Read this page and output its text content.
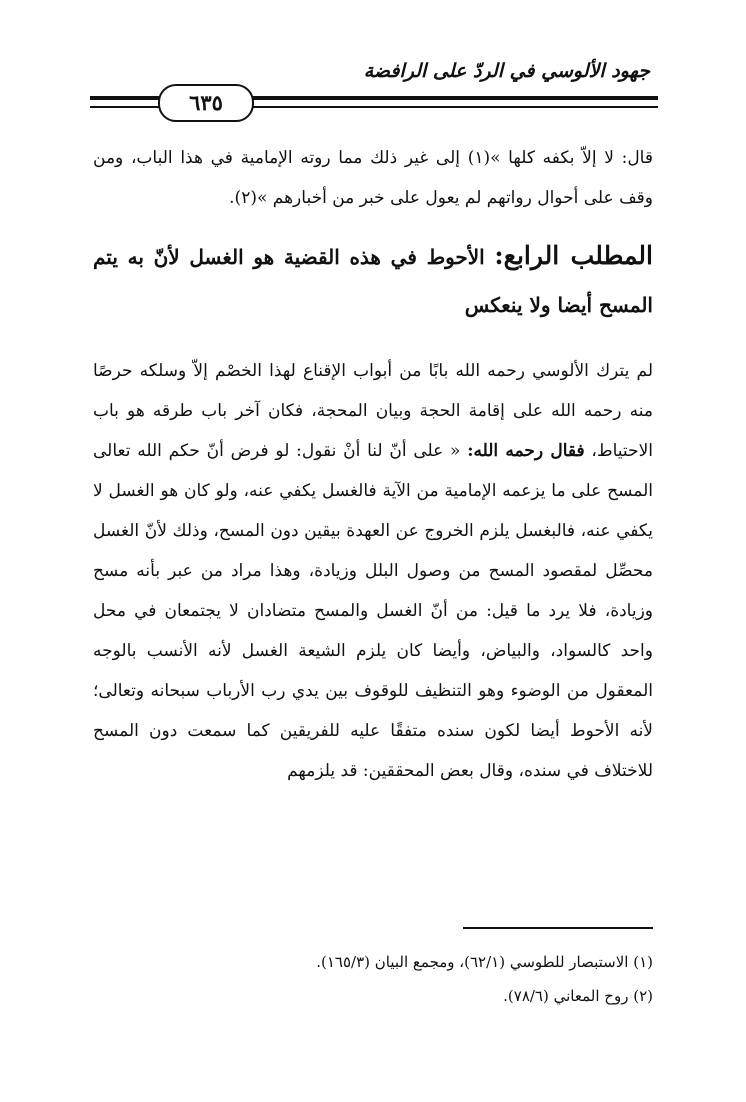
جهود الألوسي في الردّ على الرافضة
٦٣٥

قال: لا إلاّ بكفه كلها »(١) إلى غير ذلك مما روته الإمامية في هذا الباب، ومن وقف على أحوال رواتهم لم يعول على خبر من أخبارهم »(٢).

المطلب الرابع: الأحوط في هذه القضية هو الغسل لأنّ به يتم المسح أيضا ولا ينعكس

لم يترك الألوسي رحمه الله بابًا من أبواب الإقناع لهذا الخصْم إلاّ وسلكه حرصًا منه رحمه الله على إقامة الحجة وبيان المحجة، فكان آخر باب طرقه هو باب الاحتياط، فقال رحمه الله: « على أنّ لنا أنْ نقول: لو فرض أنّ حكم الله تعالى المسح على ما يزعمه الإمامية من الآية فالغسل يكفي عنه، ولو كان هو الغسل لا يكفي عنه، فالبغسل يلزم الخروج عن العهدة بيقين دون المسح، وذلك لأنّ الغسل محصِّل لمقصود المسح من وصول البلل وزيادة، وهذا مراد من عبر بأنه مسح وزيادة، فلا يرد ما قيل: من أنّ الغسل والمسح متضادان لا يجتمعان في محل واحد كالسواد، والبياض، وأيضا كان يلزم الشيعة الغسل لأنه الأنسب بالوجه المعقول من الوضوء وهو التنظيف للوقوف بين يدي رب الأرباب سبحانه وتعالى؛ لأنه الأحوط أيضا لكون سنده متفقًا عليه للفريقين كما سمعت دون المسح للاختلاف في سنده، وقال بعض المحققين: قد يلزمهم

(١) الاستبصار للطوسي (٦٢/١)، ومجمع البيان (١٦٥/٣).

(٢) روح المعاني (٧٨/٦).
